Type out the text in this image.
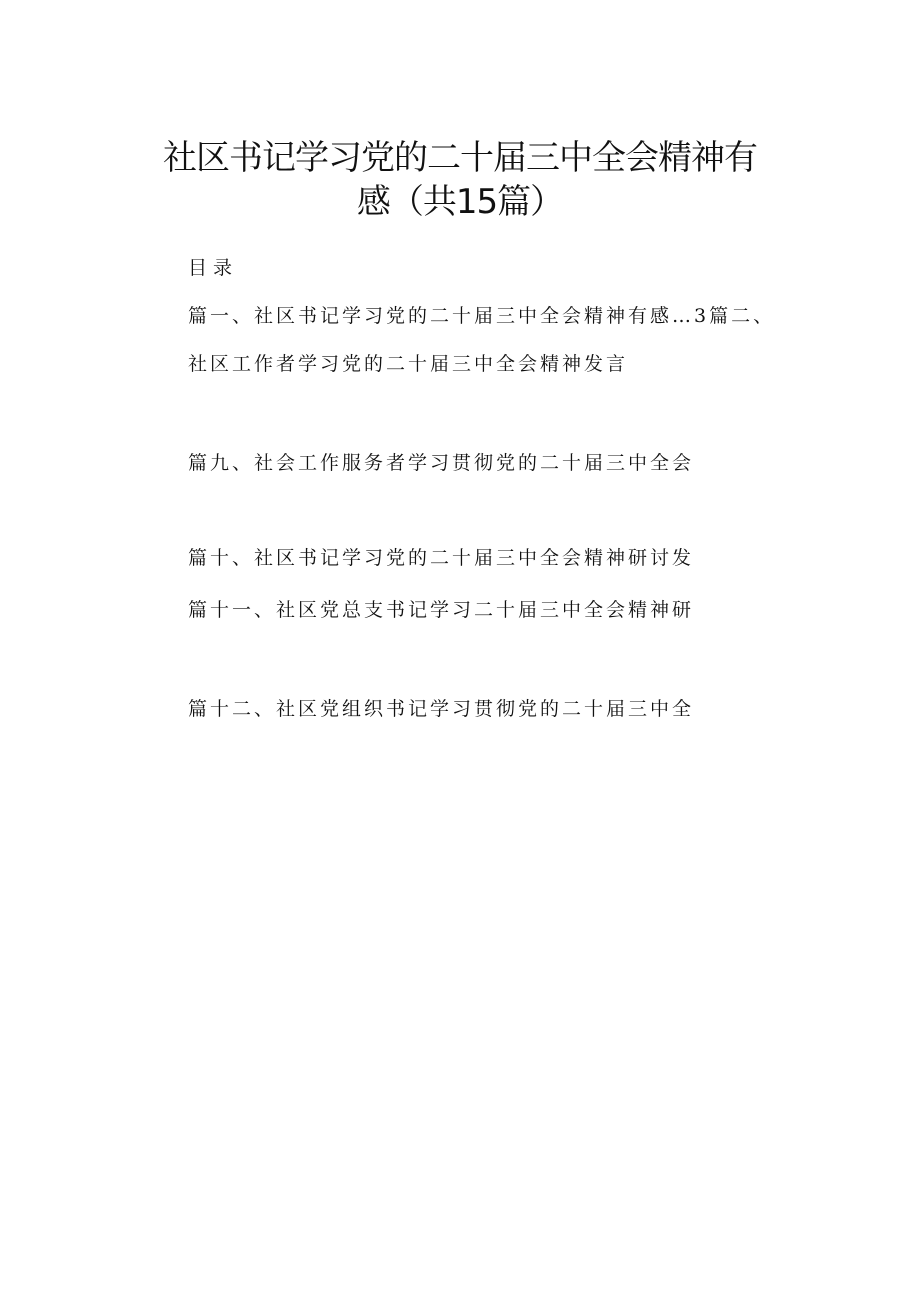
社区书记学习党的二十届三中全会精神有
感（共15篇）
目录
篇一、社区书记学习党的二十届三中全会精神有感…3篇二、
社区工作者学习党的二十届三中全会精神发言
篇九、社会工作服务者学习贯彻党的二十届三中全会
篇十、社区书记学习党的二十届三中全会精神研讨发
篇十一、社区党总支书记学习二十届三中全会精神研
篇十二、社区党组织书记学习贯彻党的二十届三中全
